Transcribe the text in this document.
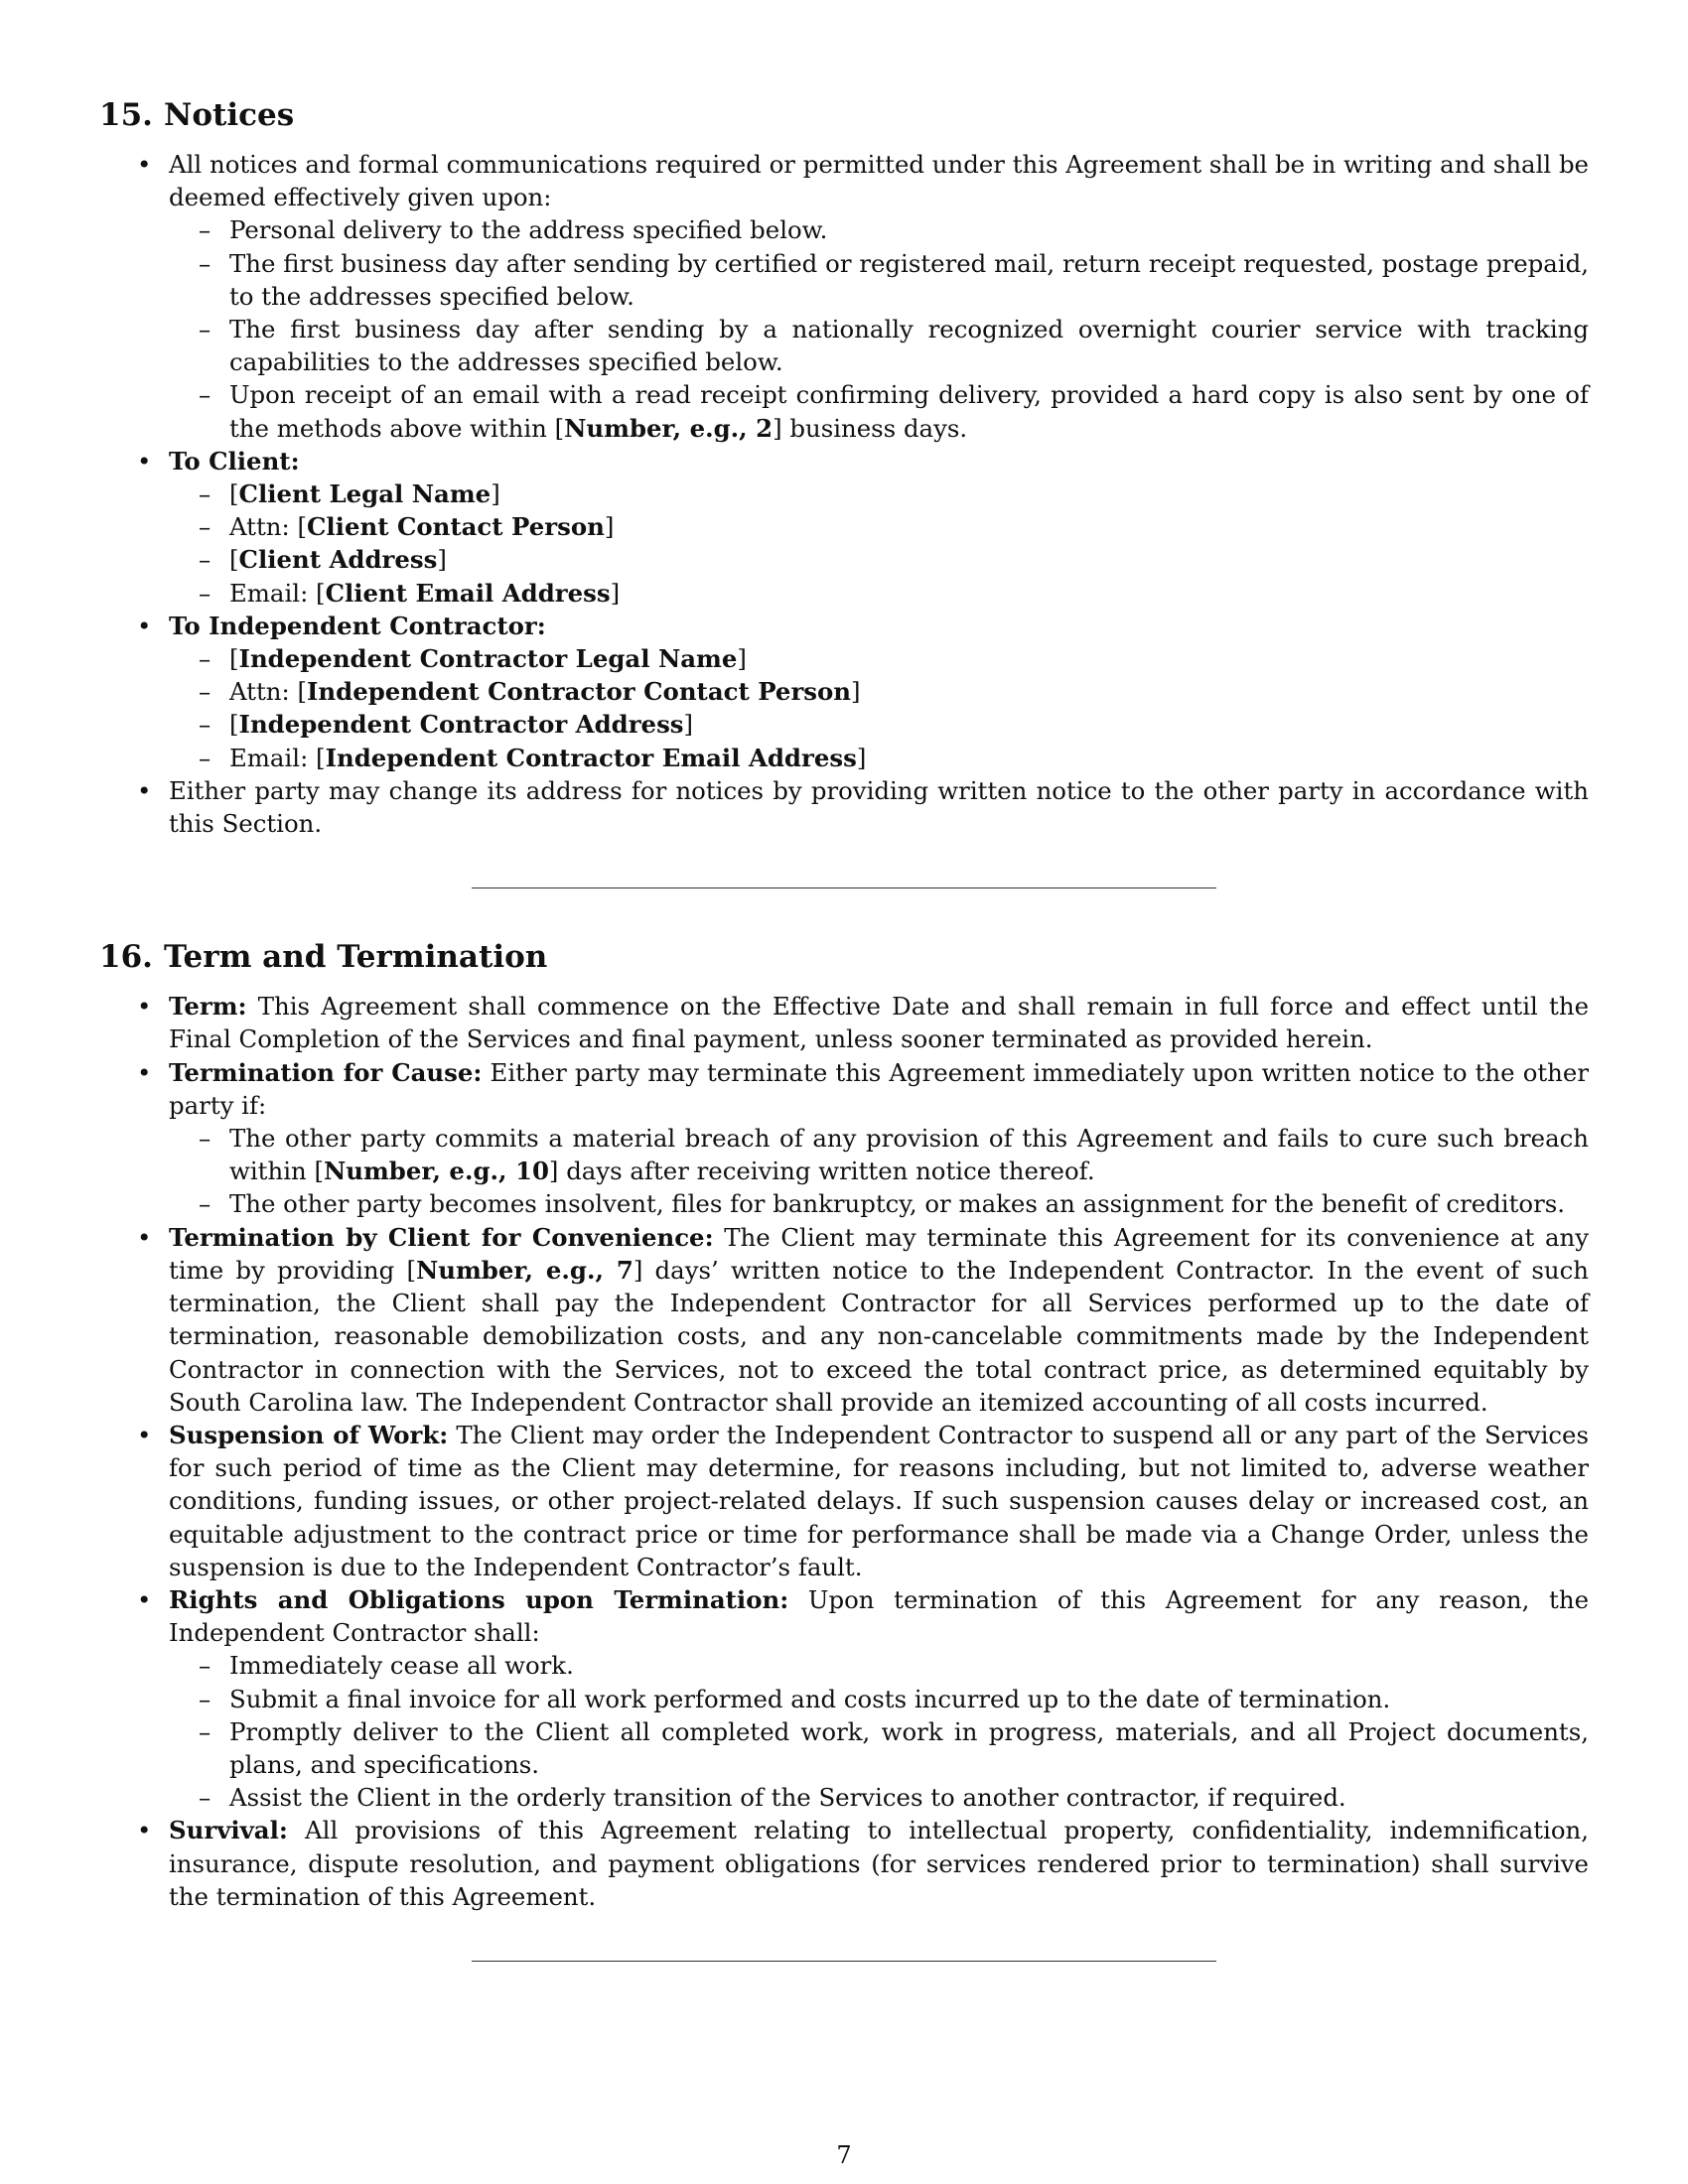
15. Notices
• All notices and formal communications required or permitted under this Agreement shall be in writing and shall be deemed effectively given upon:
– Personal delivery to the address specified below.
– The first business day after sending by certified or registered mail, return receipt requested, postage prepaid, to the addresses specified below.
– The first business day after sending by a nationally recognized overnight courier service with tracking capabilities to the addresses specified below.
– Upon receipt of an email with a read receipt confirming delivery, provided a hard copy is also sent by one of the methods above within [Number, e.g., 2] business days.
• To Client:
– [Client Legal Name]
– Attn: [Client Contact Person]
– [Client Address]
– Email: [Client Email Address]
• To Independent Contractor:
– [Independent Contractor Legal Name]
– Attn: [Independent Contractor Contact Person]
– [Independent Contractor Address]
– Email: [Independent Contractor Email Address]
• Either party may change its address for notices by providing written notice to the other party in accordance with this Section.
16. Term and Termination
• Term: This Agreement shall commence on the Effective Date and shall remain in full force and effect until the Final Completion of the Services and final payment, unless sooner terminated as provided herein.
• Termination for Cause: Either party may terminate this Agreement immediately upon written notice to the other party if:
– The other party commits a material breach of any provision of this Agreement and fails to cure such breach within [Number, e.g., 10] days after receiving written notice thereof.
– The other party becomes insolvent, files for bankruptcy, or makes an assignment for the benefit of creditors.
• Termination by Client for Convenience: The Client may terminate this Agreement for its convenience at any time by providing [Number, e.g., 7] days’ written notice to the Independent Contractor. In the event of such termination, the Client shall pay the Independent Contractor for all Services performed up to the date of termination, reasonable demobilization costs, and any non-cancelable commitments made by the Independent Contractor in connection with the Services, not to exceed the total contract price, as determined equitably by South Carolina law. The Independent Contractor shall provide an itemized accounting of all costs incurred.
• Suspension of Work: The Client may order the Independent Contractor to suspend all or any part of the Services for such period of time as the Client may determine, for reasons including, but not limited to, adverse weather conditions, funding issues, or other project-related delays. If such suspension causes delay or increased cost, an equitable adjustment to the contract price or time for performance shall be made via a Change Order, unless the suspension is due to the Independent Contractor’s fault.
• Rights and Obligations upon Termination: Upon termination of this Agreement for any reason, the Independent Contractor shall:
– Immediately cease all work.
– Submit a final invoice for all work performed and costs incurred up to the date of termination.
– Promptly deliver to the Client all completed work, work in progress, materials, and all Project documents, plans, and specifications.
– Assist the Client in the orderly transition of the Services to another contractor, if required.
• Survival: All provisions of this Agreement relating to intellectual property, confidentiality, indemnification, insurance, dispute resolution, and payment obligations (for services rendered prior to termination) shall survive the termination of this Agreement.
7
